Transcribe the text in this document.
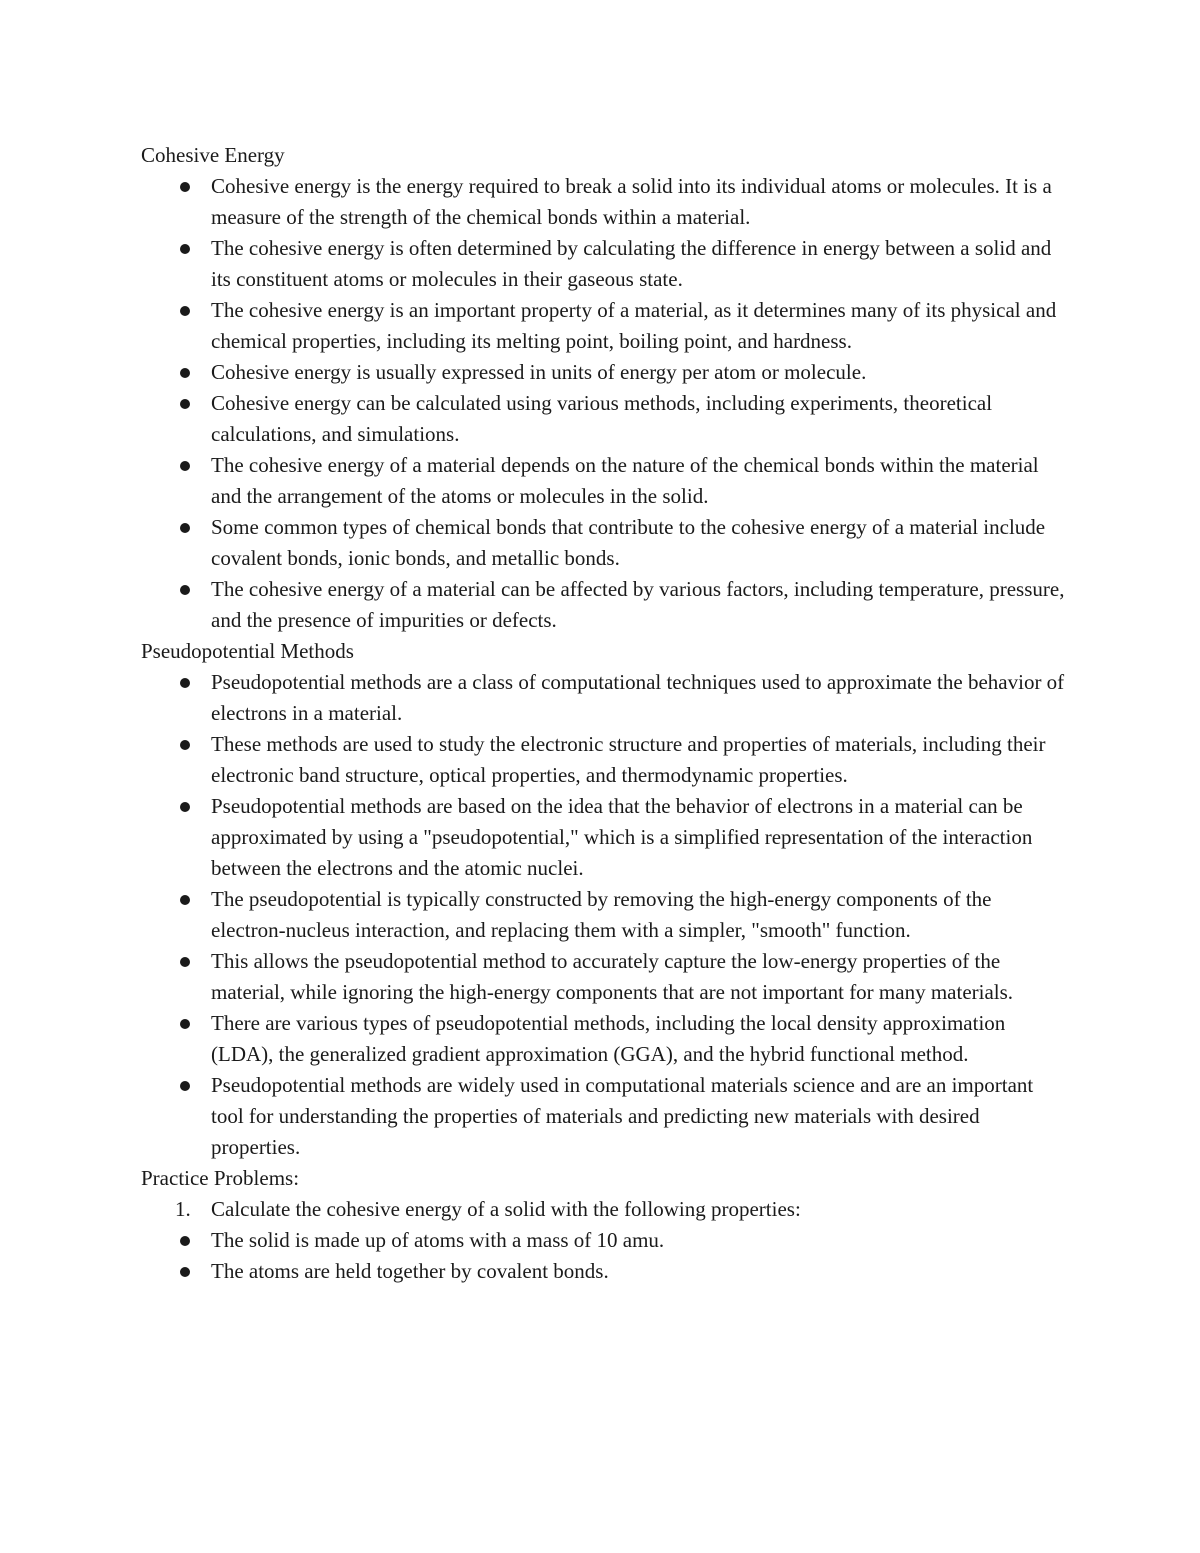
Cohesive Energy
Cohesive energy is the energy required to break a solid into its individual atoms or molecules. It is a measure of the strength of the chemical bonds within a material.
The cohesive energy is often determined by calculating the difference in energy between a solid and its constituent atoms or molecules in their gaseous state.
The cohesive energy is an important property of a material, as it determines many of its physical and chemical properties, including its melting point, boiling point, and hardness.
Cohesive energy is usually expressed in units of energy per atom or molecule.
Cohesive energy can be calculated using various methods, including experiments, theoretical calculations, and simulations.
The cohesive energy of a material depends on the nature of the chemical bonds within the material and the arrangement of the atoms or molecules in the solid.
Some common types of chemical bonds that contribute to the cohesive energy of a material include covalent bonds, ionic bonds, and metallic bonds.
The cohesive energy of a material can be affected by various factors, including temperature, pressure, and the presence of impurities or defects.
Pseudopotential Methods
Pseudopotential methods are a class of computational techniques used to approximate the behavior of electrons in a material.
These methods are used to study the electronic structure and properties of materials, including their electronic band structure, optical properties, and thermodynamic properties.
Pseudopotential methods are based on the idea that the behavior of electrons in a material can be approximated by using a "pseudopotential," which is a simplified representation of the interaction between the electrons and the atomic nuclei.
The pseudopotential is typically constructed by removing the high-energy components of the electron-nucleus interaction, and replacing them with a simpler, "smooth" function.
This allows the pseudopotential method to accurately capture the low-energy properties of the material, while ignoring the high-energy components that are not important for many materials.
There are various types of pseudopotential methods, including the local density approximation (LDA), the generalized gradient approximation (GGA), and the hybrid functional method.
Pseudopotential methods are widely used in computational materials science and are an important tool for understanding the properties of materials and predicting new materials with desired properties.
Practice Problems:
1. Calculate the cohesive energy of a solid with the following properties:
The solid is made up of atoms with a mass of 10 amu.
The atoms are held together by covalent bonds.
